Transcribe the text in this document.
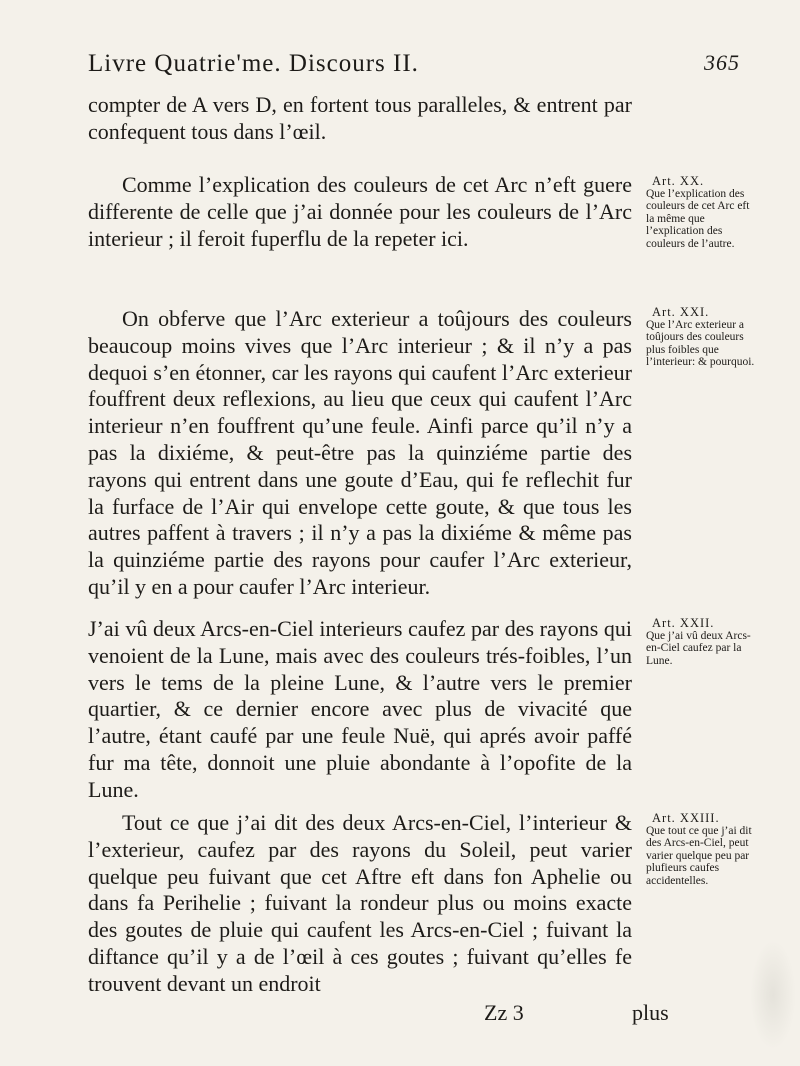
Livre Quatrie'me. Discours II.	365

compter de A vers D, en fortent tous paralleles, & entrent par confequent tous dans l’œil.

Comme l’explication des couleurs de cet Arc n’eft guere differente de celle que j’ai donnée pour les couleurs de l’Arc interieur ; il feroit fuperflu de la repeter ici.

Art. XX.
Que l’explication des couleurs de cet Arc eft la même que l’explication des couleurs de l’autre.

On obferve que l’Arc exterieur a toûjours des couleurs beaucoup moins vives que l’Arc interieur ; & il n’y a pas dequoi s’en étonner, car les rayons qui caufent l’Arc exterieur fouffrent deux reflexions, au lieu que ceux qui caufent l’Arc interieur n’en fouffrent qu’une feule. Ainfi parce qu’il n’y a pas la dixiéme, & peut-être pas la quinziéme partie des rayons qui entrent dans une goute d’Eau, qui fe reflechit fur la furface de l’Air qui envelope cette goute, & que tous les autres paffent à travers ; il n’y a pas la dixiéme & même pas la quinziéme partie des rayons pour caufer l’Arc exterieur, qu’il y en a pour caufer l’Arc interieur.

Art. XXI.
Que l’Arc exterieur a toûjours des couleurs plus foibles que l’interieur: & pourquoi.

J’ai vû deux Arcs-en-Ciel interieurs caufez par des rayons qui venoient de la Lune, mais avec des couleurs trés-foibles, l’un vers le tems de la pleine Lune, & l’autre vers le premier quartier, & ce dernier encore avec plus de vivacité que l’autre, étant caufé par une feule Nuë, qui aprés avoir paffé fur ma tête, donnoit une pluie abondante à l’opofite de la Lune.

Art. XXII.
Que j’ai vû deux Arcs-en-Ciel caufez par la Lune.

Tout ce que j’ai dit des deux Arcs-en-Ciel, l’interieur & l’exterieur, caufez par des rayons du Soleil, peut varier quelque peu fuivant que cet Aftre eft dans fon Aphelie ou dans fa Perihelie ; fuivant la rondeur plus ou moins exacte des goutes de pluie qui caufent les Arcs-en-Ciel ; fuivant la diftance qu’il y a de l’œil à ces goutes ; fuivant qu’elles fe trouvent devant un endroit

Art. XXIII.
Que tout ce que j’ai dit des Arcs-en-Ciel, peut varier quelque peu par plufieurs caufes accidentelles.

Zz 3	plus
